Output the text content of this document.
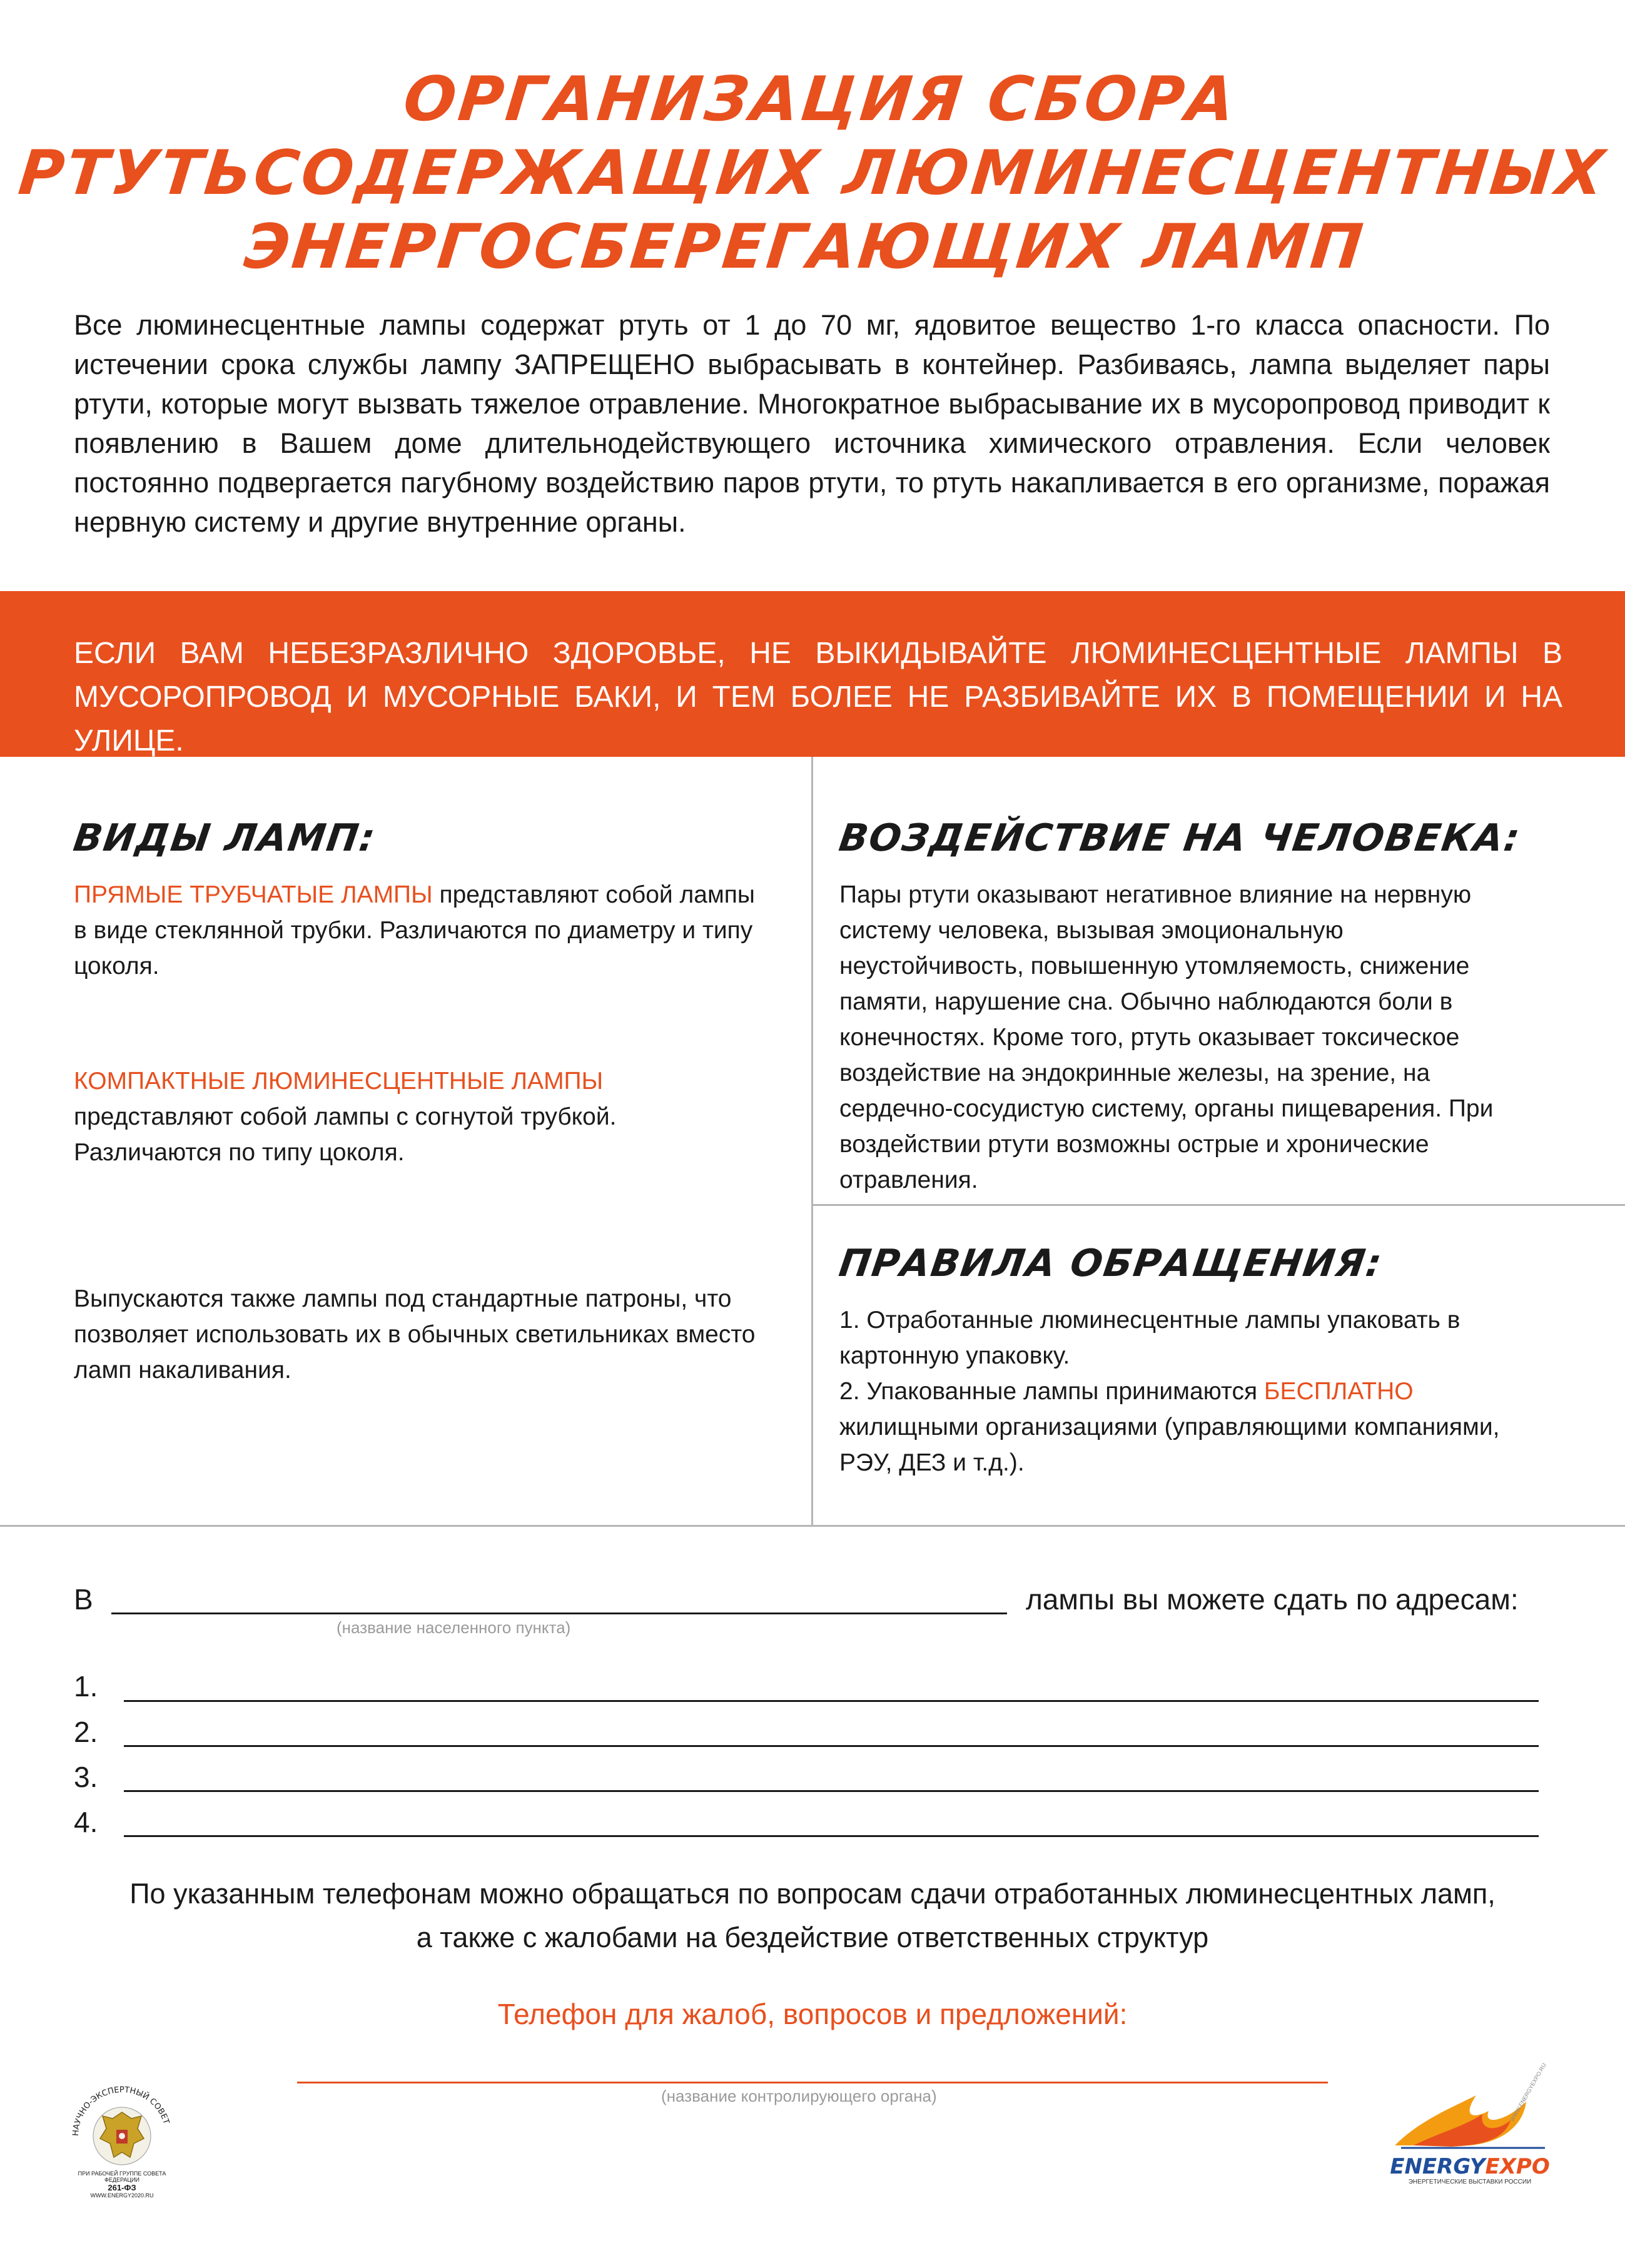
ОРГАНИЗАЦИЯ СБОРА
РТУТЬСОДЕРЖАЩИХ ЛЮМИНЕСЦЕНТНЫХ
ЭНЕРГОСБЕРЕГАЮЩИХ ЛАМП
Все люминесцентные лампы содержат ртуть от 1 до 70 мг, ядовитое вещество 1-го класса опасности. По истечении срока службы лампу ЗАПРЕЩЕНО выбрасывать в контейнер. Разбиваясь, лампа выделяет пары ртути, которые могут вызвать тяжелое отравление. Многократное выбрасывание их в мусоропровод приводит к появлению в Вашем доме длительнодействующего источника химического отравления. Если человек постоянно подвергается пагубному воздействию паров ртути, то ртуть накапливается в его организме, поражая нервную систему и другие внутренние органы.
ЕСЛИ ВАМ НЕБЕЗРАЗЛИЧНО ЗДОРОВЬЕ, НЕ ВЫКИДЫВАЙТЕ ЛЮМИНЕСЦЕНТНЫЕ ЛАМПЫ В МУСОРОПРОВОД И МУСОРНЫЕ БАКИ, И ТЕМ БОЛЕЕ НЕ РАЗБИВАЙТЕ ИХ В ПОМЕЩЕНИИ И НА УЛИЦЕ.
ВИДЫ ЛАМП:
ПРЯМЫЕ ТРУБЧАТЫЕ ЛАМПЫ представляют собой лампы в виде стеклянной трубки. Различаются по диаметру и типу цоколя.
КОМПАКТНЫЕ ЛЮМИНЕСЦЕНТНЫЕ ЛАМПЫ представляют собой лампы с согнутой трубкой. Различаются по типу цоколя.
Выпускаются также лампы под стандартные патроны, что позволяет использовать их в обычных светильниках вместо ламп накаливания.
ВОЗДЕЙСТВИЕ НА ЧЕЛОВЕКА:
Пары ртути оказывают негативное влияние на нервную систему человека, вызывая эмоциональную неустойчивость, повышенную утомляемость, снижение памяти, нарушение сна. Обычно наблюдаются боли в конечностях. Кроме того, ртуть оказывает токсическое воздействие на эндокринные железы, на зрение, на сердечно-сосудистую систему, органы пищеварения. При воздействии ртути возможны острые и хронические отравления.
ПРАВИЛА ОБРАЩЕНИЯ:
1. Отработанные люминесцентные лампы упаковать в картонную упаковку.
2. Упакованные лампы принимаются БЕСПЛАТНО жилищными организациями (управляющими компаниями, РЭУ, ДЕЗ и т.д.).
В
(название населенного пункта)
лампы вы можете сдать по адресам:
1.
2.
3.
4.
По указанным телефонам можно обращаться по вопросам сдачи отработанных люминесцентных ламп,
а также с жалобами на бездействие ответственных структур
Телефон для жалоб, вопросов и предложений:
(название контролирующего органа)
НАУЧНО-ЭКСПЕРТНЫЙ СОВЕТ
ПРИ РАБОЧЕЙ ГРУППЕ СОВЕТА ФЕДЕРАЦИИ
261-ФЗ
WWW.ENERGY2020.RU
ENERGYEXPO
ЭНЕРГЕТИЧЕСКИЕ ВЫСТАВКИ РОССИИ
WWW.ENERGYEXPO.RU
